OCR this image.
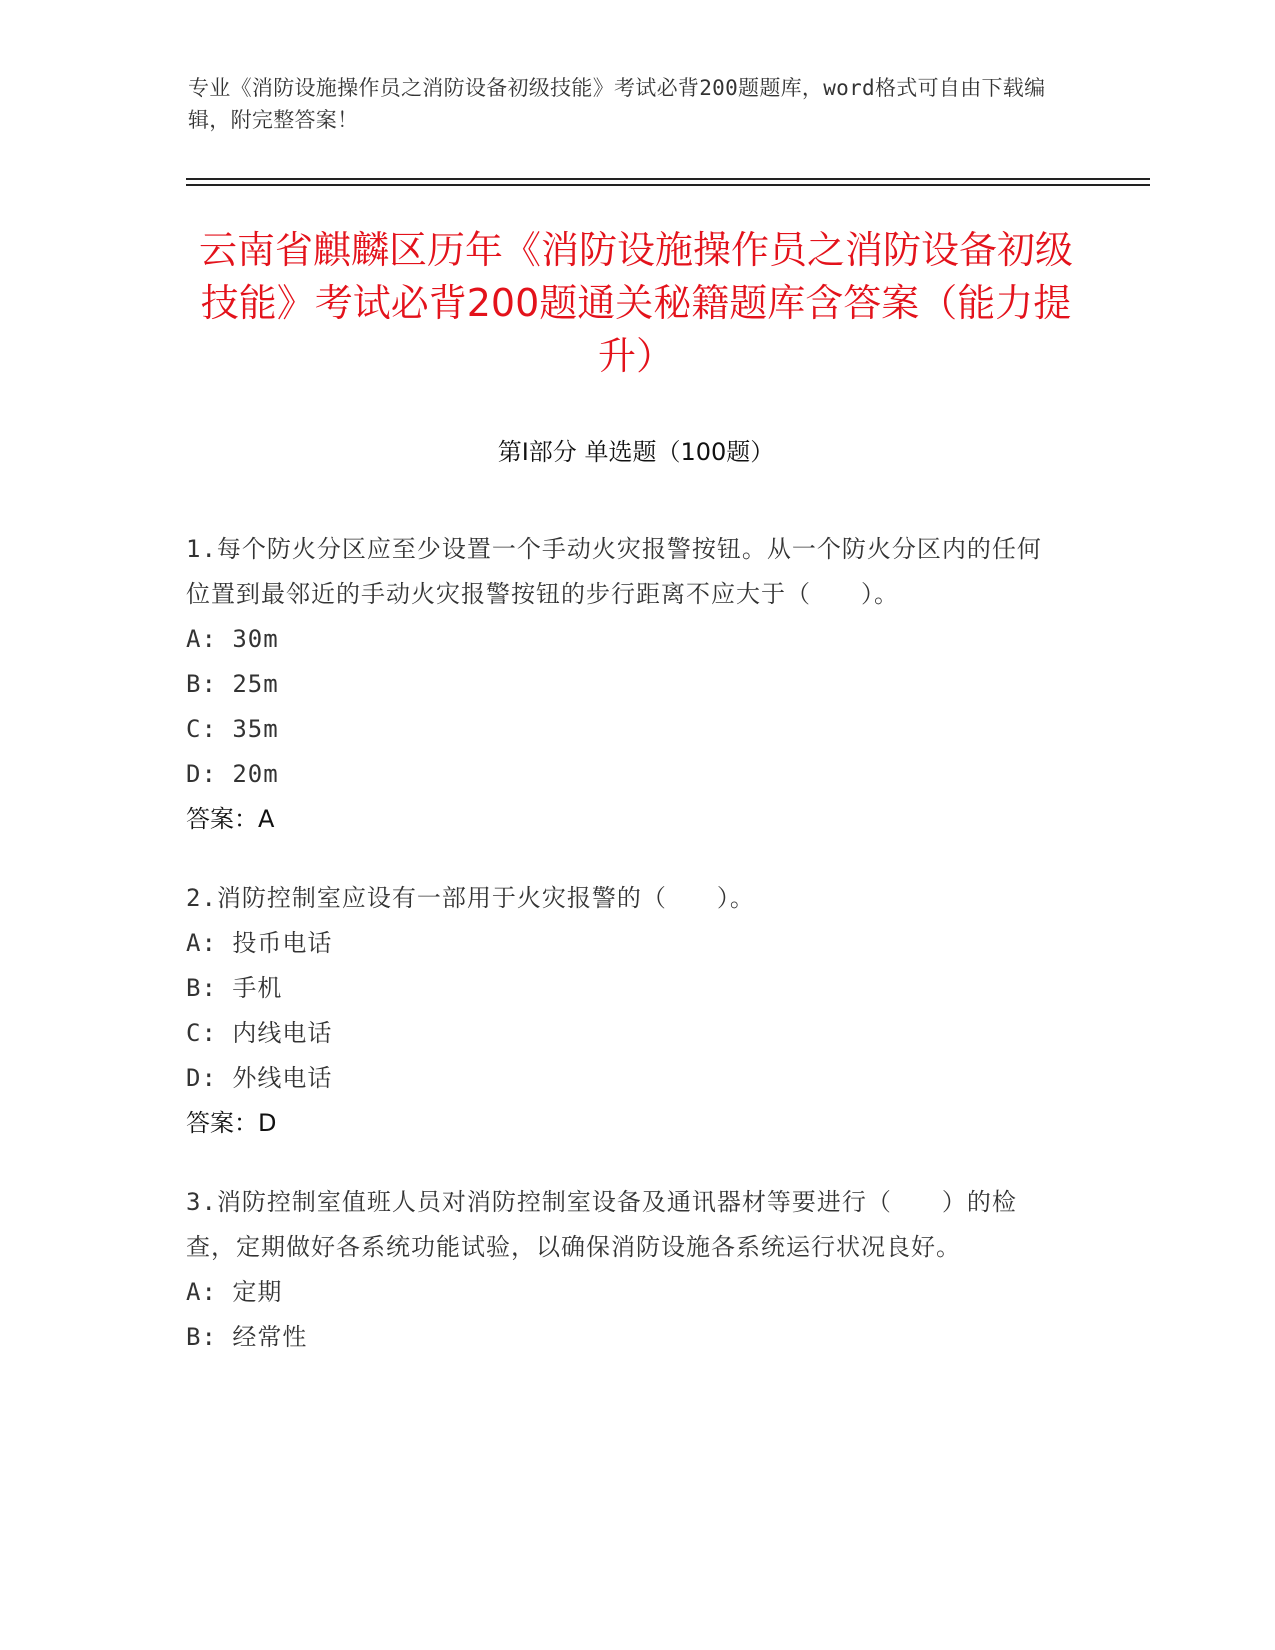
专业《消防设施操作员之消防设备初级技能》考试必背200题题库，word格式可自由下载编辑，附完整答案！
云南省麒麟区历年《消防设施操作员之消防设备初级技能》考试必背200题通关秘籍题库含答案（能力提升）
第I部分 单选题（100题）
1.每个防火分区应至少设置一个手动火灾报警按钮。从一个防火分区内的任何位置到最邻近的手动火灾报警按钮的步行距离不应大于（　　）。
A: 30m
B: 25m
C: 35m
D: 20m
答案：A
2.消防控制室应设有一部用于火灾报警的（　　）。
A: 投币电话
B: 手机
C: 内线电话
D: 外线电话
答案：D
3.消防控制室值班人员对消防控制室设备及通讯器材等要进行（　　）的检查，定期做好各系统功能试验，以确保消防设施各系统运行状况良好。
A: 定期
B: 经常性
